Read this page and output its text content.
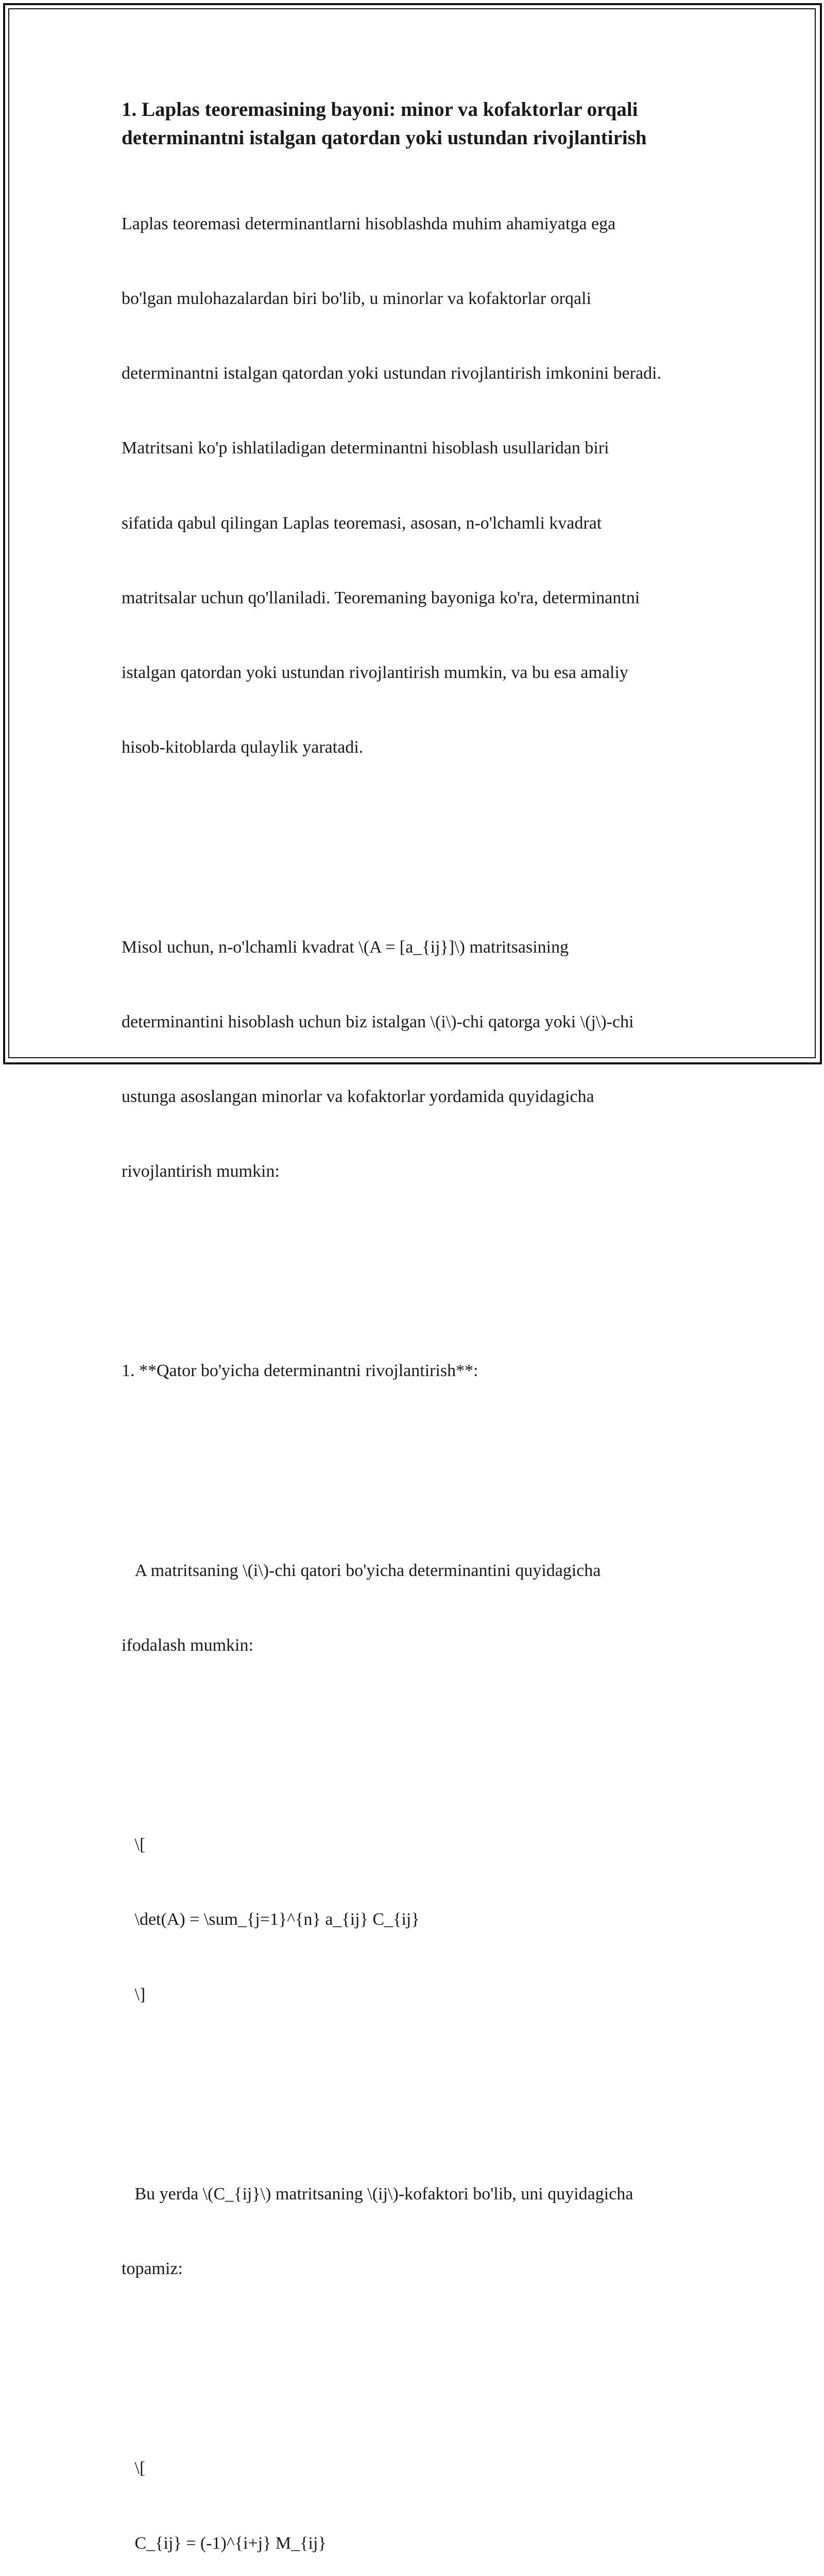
1. Laplas teoremasining bayoni: minor va kofaktorlar orqali
determinantni istalgan qatordan yoki ustundan rivojlantirish

Laplas teoremasi determinantlarni hisoblashda muhim ahamiyatga ega

bo'lgan mulohazalardan biri bo'lib, u minorlar va kofaktorlar orqali

determinantni istalgan qatordan yoki ustundan rivojlantirish imkonini beradi.

Matritsani ko'p ishlatiladigan determinantni hisoblash usullaridan biri

sifatida qabul qilingan Laplas teoremasi, asosan, n-o'lchamli kvadrat

matritsalar uchun qo'llaniladi. Teoremaning bayoniga ko'ra, determinantni

istalgan qatordan yoki ustundan rivojlantirish mumkin, va bu esa amaliy

hisob-kitoblarda qulaylik yaratadi.

Misol uchun, n-o'lchamli kvadrat \(A = [a_{ij}]\) matritsasining

determinantini hisoblash uchun biz istalgan \(i\)-chi qatorga yoki \(j\)-chi

ustunga asoslangan minorlar va kofaktorlar yordamida quyidagicha

rivojlantirish mumkin:

1. **Qator bo'yicha determinantni rivojlantirish**:

A matritsaning \(i\)-chi qatori bo'yicha determinantini quyidagicha

ifodalash mumkin:

\[

\det(A) = \sum_{j=1}^{n} a_{ij} C_{ij}

\]

Bu yerda \(C_{ij}\) matritsaning \(ij\)-kofaktori bo'lib, uni quyidagicha

topamiz:

\[

C_{ij} = (-1)^{i+j} M_{ij}
